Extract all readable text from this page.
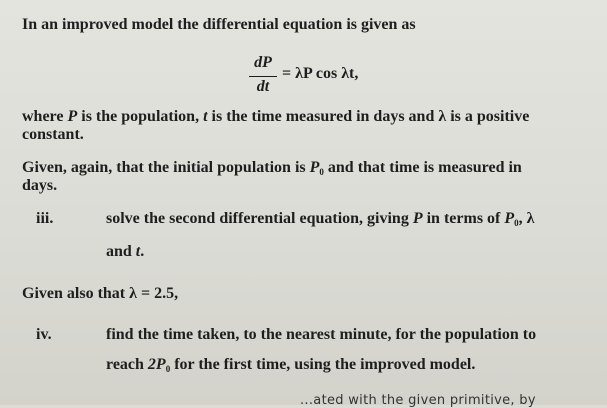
In an improved model the differential equation is given as
dP
dt
= λP cos λt,
where P is the population, t is the time measured in days and λ is a positive
constant.
Given, again, that the initial population is P0 and that time is measured in
days.
iii.	solve the second differential equation, giving P in terms of P0, λ
and t.
Given also that λ = 2.5,
iv.	find the time taken, to the nearest minute, for the population to
reach 2P0 for the first time, using the improved model.
...ated with the given primitive, by
